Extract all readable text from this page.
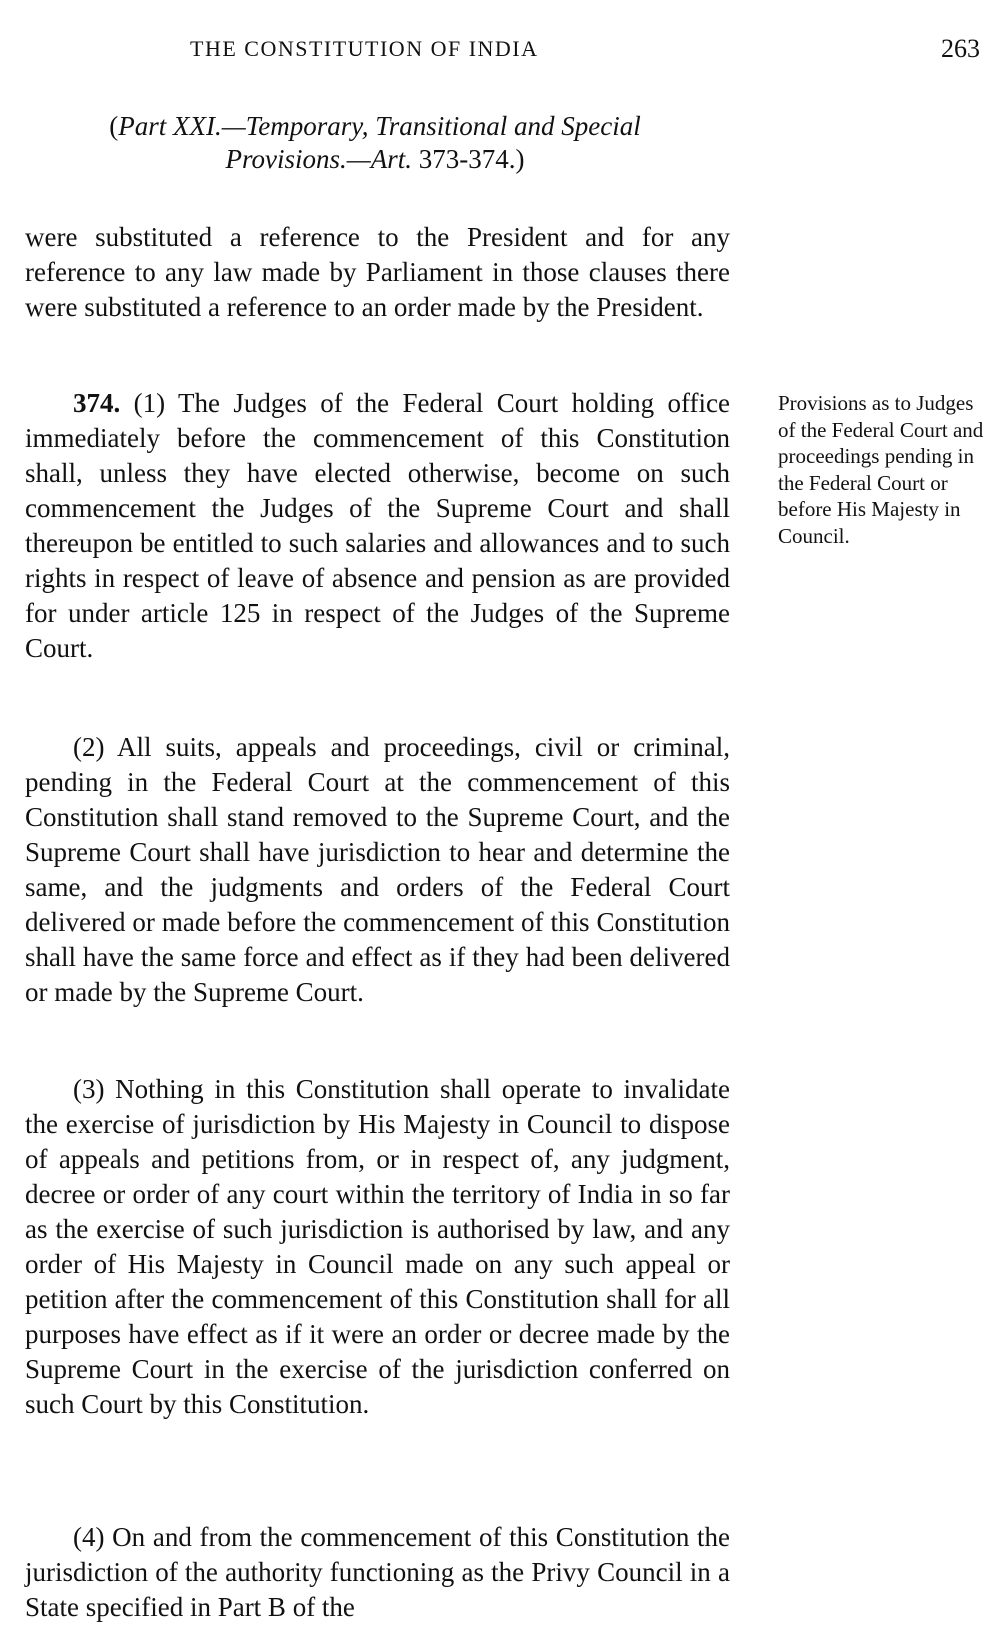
THE CONSTITUTION OF INDIA	263
(Part XXI.—Temporary, Transitional and Special Provisions.—Art. 373-374.)

were substituted a reference to the President and for any reference to any law made by Parliament in those clauses there were substituted a reference to an order made by the President.

374. (1) The Judges of the Federal Court holding office immediately before the commencement of this Constitution shall, unless they have elected otherwise, become on such commencement the Judges of the Supreme Court and shall thereupon be entitled to such salaries and allowances and to such rights in respect of leave of absence and pension as are provided for under article 125 in respect of the Judges of the Supreme Court.

(2) All suits, appeals and proceedings, civil or criminal, pending in the Federal Court at the commencement of this Constitution shall stand removed to the Supreme Court, and the Supreme Court shall have jurisdiction to hear and determine the same, and the judgments and orders of the Federal Court delivered or made before the commencement of this Constitution shall have the same force and effect as if they had been delivered or made by the Supreme Court.

(3) Nothing in this Constitution shall operate to invalidate the exercise of jurisdiction by His Majesty in Council to dispose of appeals and petitions from, or in respect of, any judgment, decree or order of any court within the territory of India in so far as the exercise of such jurisdiction is authorised by law, and any order of His Majesty in Council made on any such appeal or petition after the commencement of this Constitution shall for all purposes have effect as if it were an order or decree made by the Supreme Court in the exercise of the jurisdiction conferred on such Court by this Constitution.

(4) On and from the commencement of this Constitution the jurisdiction of the authority functioning as the Privy Council in a State specified in Part B of the

Provisions as to Judges of the Federal Court and proceedings pending in the Federal Court or before His Majesty in Council.
